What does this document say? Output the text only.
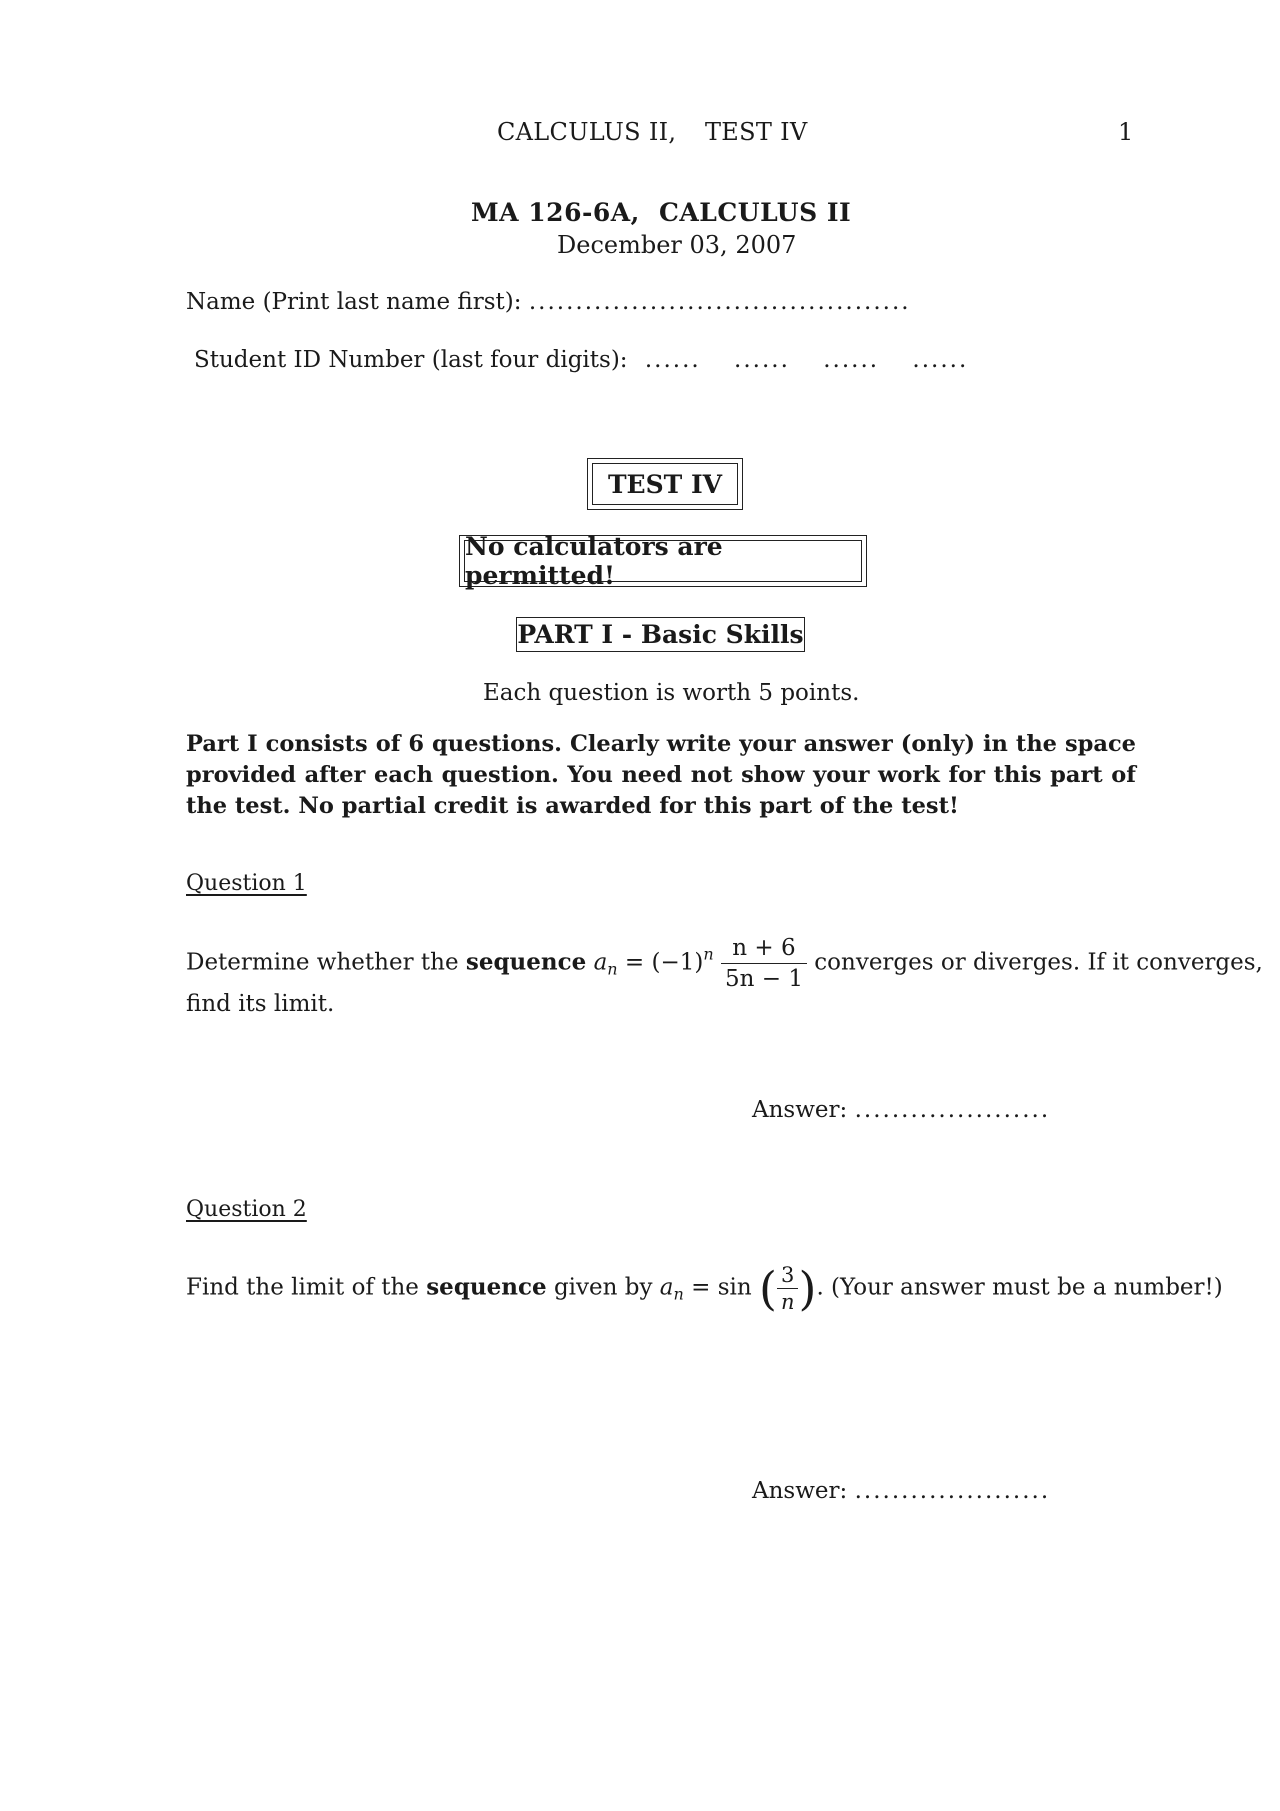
CALCULUS II, TEST IV	1
MA 126-6A, CALCULUS II
December 03, 2007
Name (Print last name first): .........................................
Student ID Number (last four digits): ...... ...... ...... ......
TEST IV
No calculators are permitted!
PART I - Basic Skills
Each question is worth 5 points.
Part I consists of 6 questions. Clearly write your answer (only) in the space provided after each question. You need not show your work for this part of the test. No partial credit is awarded for this part of the test!
Question 1
Determine whether the sequence $a_n = (-1)^n \frac{n + 6}{5n - 1}$ converges or diverges. If it converges,
find its limit.
Answer: .....................
Question 2
Find the limit of the sequence given by $a_n = \sin$ ( $\frac{3}{n}$ ). (Your answer must be a number!)
Answer: .....................
